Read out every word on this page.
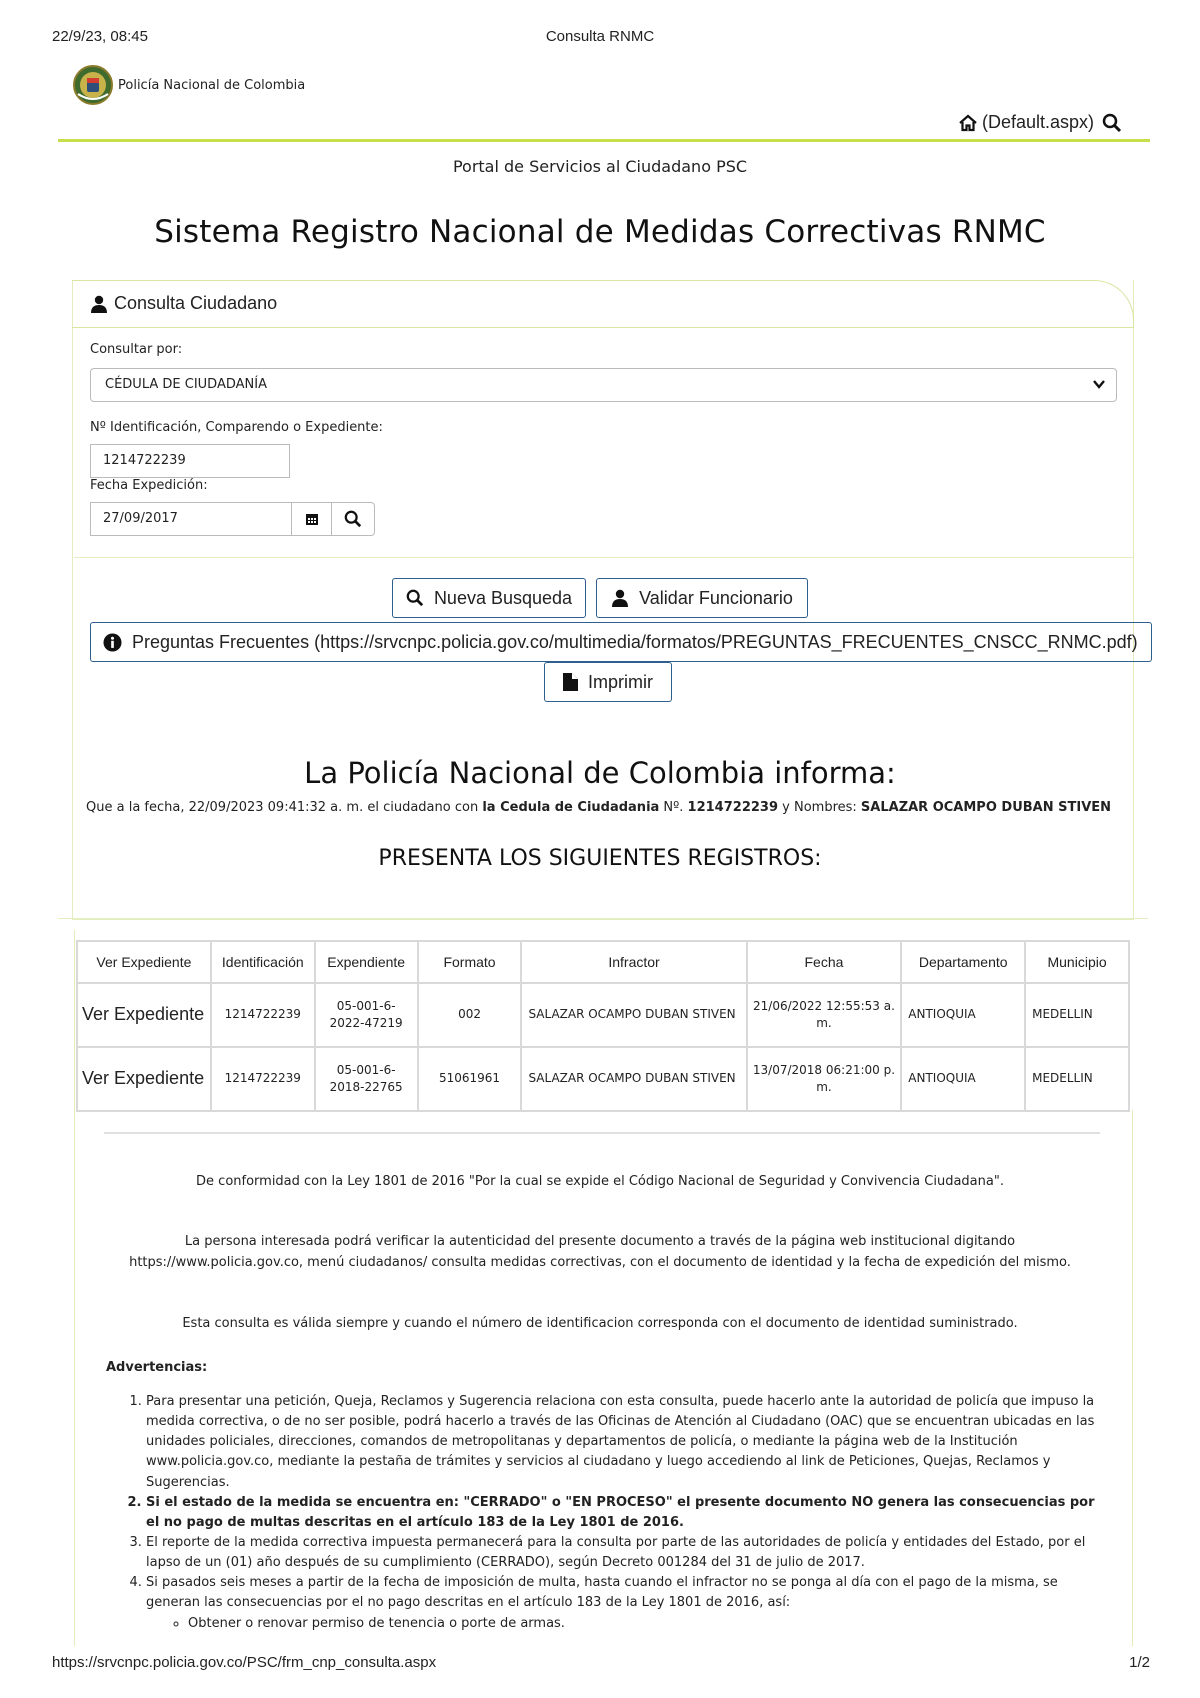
22/9/23, 08:45	Consulta RNMC
Policía Nacional de Colombia
(Default.aspx)
Portal de Servicios al Ciudadano PSC
Sistema Registro Nacional de Medidas Correctivas RNMC
Consulta Ciudadano
Consultar por:
CÉDULA DE CIUDADANÍA
Nº Identificación, Comparendo o Expediente:
1214722239
Fecha Expedición:
27/09/2017
Nueva Busqueda	Validar Funcionario
Preguntas Frecuentes (https://srvcnpc.policia.gov.co/multimedia/formatos/PREGUNTAS_FRECUENTES_CNSCC_RNMC.pdf)
Imprimir
La Policía Nacional de Colombia informa:
Que a la fecha, 22/09/2023 09:41:32 a. m. el ciudadano con la Cedula de Ciudadania Nº. 1214722239 y Nombres: SALAZAR OCAMPO DUBAN STIVEN
PRESENTA LOS SIGUIENTES REGISTROS:
Ver Expediente	Identificación	Expendiente	Formato	Infractor	Fecha	Departamento	Municipio
Ver Expediente	1214722239	05-001-6-2022-47219	002	SALAZAR OCAMPO DUBAN STIVEN	21/06/2022 12:55:53 a. m.	ANTIOQUIA	MEDELLIN
Ver Expediente	1214722239	05-001-6-2018-22765	51061961	SALAZAR OCAMPO DUBAN STIVEN	13/07/2018 06:21:00 p. m.	ANTIOQUIA	MEDELLIN
De conformidad con la Ley 1801 de 2016 "Por la cual se expide el Código Nacional de Seguridad y Convivencia Ciudadana".
La persona interesada podrá verificar la autenticidad del presente documento a través de la página web institucional digitando
https://www.policia.gov.co, menú ciudadanos/ consulta medidas correctivas, con el documento de identidad y la fecha de expedición del mismo.
Esta consulta es válida siempre y cuando el número de identificacion corresponda con el documento de identidad suministrado.
Advertencias:
1. Para presentar una petición, Queja, Reclamos y Sugerencia relaciona con esta consulta, puede hacerlo ante la autoridad de policía que impuso la medida correctiva, o de no ser posible, podrá hacerlo a través de las Oficinas de Atención al Ciudadano (OAC) que se encuentran ubicadas en las unidades policiales, direcciones, comandos de metropolitanas y departamentos de policía, o mediante la página web de la Institución www.policia.gov.co, mediante la pestaña de trámites y servicios al ciudadano y luego accediendo al link de Peticiones, Quejas, Reclamos y Sugerencias.
2. Si el estado de la medida se encuentra en: "CERRADO" o "EN PROCESO" el presente documento NO genera las consecuencias por el no pago de multas descritas en el artículo 183 de la Ley 1801 de 2016.
3. El reporte de la medida correctiva impuesta permanecerá para la consulta por parte de las autoridades de policía y entidades del Estado, por el lapso de un (01) año después de su cumplimiento (CERRADO), según Decreto 001284 del 31 de julio de 2017.
4. Si pasados seis meses a partir de la fecha de imposición de multa, hasta cuando el infractor no se ponga al día con el pago de la misma, se generan las consecuencias por el no pago descritas en el artículo 183 de la Ley 1801 de 2016, así:
◦ Obtener o renovar permiso de tenencia o porte de armas.
https://srvcnpc.policia.gov.co/PSC/frm_cnp_consulta.aspx	1/2
